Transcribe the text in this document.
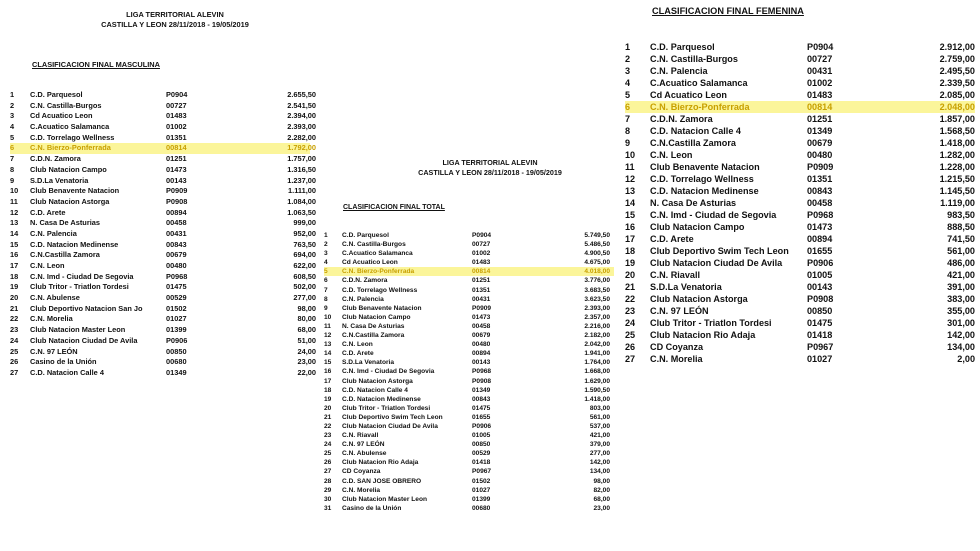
LIGA TERRITORIAL ALEVIN
CASTILLA Y LEON 28/11/2018 - 19/05/2019
CLASIFICACION FINAL MASCULINA
1	C.D. Parquesol	P0904	2.655,50
2	C.N. Castilla-Burgos	00727	2.541,50
3	Cd Acuatico Leon	01483	2.394,00
4	C.Acuatico Salamanca	01002	2.393,00
5	C.D. Torrelago Wellness	01351	2.282,00
6	C.N. Bierzo-Ponferrada	00814	1.792,00
7	C.D.N. Zamora	01251	1.757,00
8	Club Natacion Campo	01473	1.316,50
9	S.D.La Venatoria	00143	1.237,00
10	Club Benavente Natacion	P0909	1.111,00
11	Club Natacion Astorga	P0908	1.084,00
12	C.D. Arete	00894	1.063,50
13	N. Casa De Asturias	00458	999,00
14	C.N. Palencia	00431	952,00
15	C.D. Natacion Medinense	00843	763,50
16	C.N.Castilla Zamora	00679	694,00
17	C.N. Leon	00480	622,00
18	C.N. Imd - Ciudad De Segovia	P0968	608,50
19	Club Tritor - Triatlon Tordesi	01475	502,00
20	C.N. Abulense	00529	277,00
21	Club Deportivo Natacion San Jo	01502	98,00
22	C.N. Morelia	01027	80,00
23	Club Natacion Master Leon	01399	68,00
24	Club Natacion Ciudad De Avila	P0906	51,00
25	C.N. 97 LEÓN	00850	24,00
26	Casino de la Unión	00680	23,00
27	C.D. Natacion Calle 4	01349	22,00
LIGA TERRITORIAL ALEVIN
CASTILLA Y LEON 28/11/2018 - 19/05/2019
CLASIFICACION FINAL TOTAL
1	C.D. Parquesol	P0904	5.749,50
2	C.N. Castilla-Burgos	00727	5.486,50
3	C.Acuatico Salamanca	01002	4.900,50
4	Cd Acuatico Leon	01483	4.675,00
5	C.N. Bierzo-Ponferrada	00814	4.018,00
6	C.D.N. Zamora	01251	3.776,00
7	C.D. Torrelago Wellness	01351	3.683,50
8	C.N. Palencia	00431	3.623,50
9	Club Benavente Natacion	P0909	2.393,00
10	Club Natacion Campo	01473	2.357,00
11	N. Casa De Asturias	00458	2.216,00
12	C.N.Castilla Zamora	00679	2.182,00
13	C.N. Leon	00480	2.042,00
14	C.D. Arete	00894	1.941,00
15	S.D.La Venatoria	00143	1.764,00
16	C.N. Imd - Ciudad De Segovia	P0968	1.668,00
17	Club Natacion Astorga	P0908	1.629,00
18	C.D. Natacion Calle 4	01349	1.590,50
19	C.D. Natacion Medinense	00843	1.418,00
20	Club Tritor - Triatlon Tordesi	01475	803,00
21	Club Deportivo Swim Tech Leon	01655	561,00
22	Club Natacion Ciudad De Avila	P0906	537,00
23	C.N. Riavall	01005	421,00
24	C.N. 97 LEÓN	00850	379,00
25	C.N. Abulense	00529	277,00
26	Club Natacion Rio Adaja	01418	142,00
27	CD Coyanza	P0967	134,00
28	C.D. SAN JOSE OBRERO	01502	98,00
29	C.N. Morelia	01027	82,00
30	Club Natacion Master Leon	01399	68,00
31	Casino de la Unión	00680	23,00
CLASIFICACION FINAL FEMENINA
1	C.D. Parquesol	P0904	2.912,00
2	C.N. Castilla-Burgos	00727	2.759,00
3	C.N. Palencia	00431	2.495,50
4	C.Acuatico Salamanca	01002	2.339,50
5	Cd Acuatico Leon	01483	2.085,00
6	C.N. Bierzo-Ponferrada	00814	2.048,00
7	C.D.N. Zamora	01251	1.857,00
8	C.D. Natacion Calle 4	01349	1.568,50
9	C.N.Castilla Zamora	00679	1.418,00
10	C.N. Leon	00480	1.282,00
11	Club Benavente Natacion	P0909	1.228,00
12	C.D. Torrelago Wellness	01351	1.215,50
13	C.D. Natacion Medinense	00843	1.145,50
14	N. Casa De Asturias	00458	1.119,00
15	C.N. Imd - Ciudad de Segovia	P0968	983,50
16	Club Natacion Campo	01473	888,50
17	C.D. Arete	00894	741,50
18	Club Deportivo Swim Tech Leon 01655	561,00
19	Club Natacion Ciudad De Avila	P0906	486,00
20	C.N. Riavall	01005	421,00
21	S.D.La Venatoria	00143	391,00
22	Club Natacion Astorga	P0908	383,00
23	C.N. 97 LEÓN	00850	355,00
24	Club Tritor - Triatlon Tordesi	01475	301,00
25	Club Natacion Rio Adaja	01418	142,00
26	CD Coyanza	P0967	134,00
27	C.N. Morelia	01027	2,00
